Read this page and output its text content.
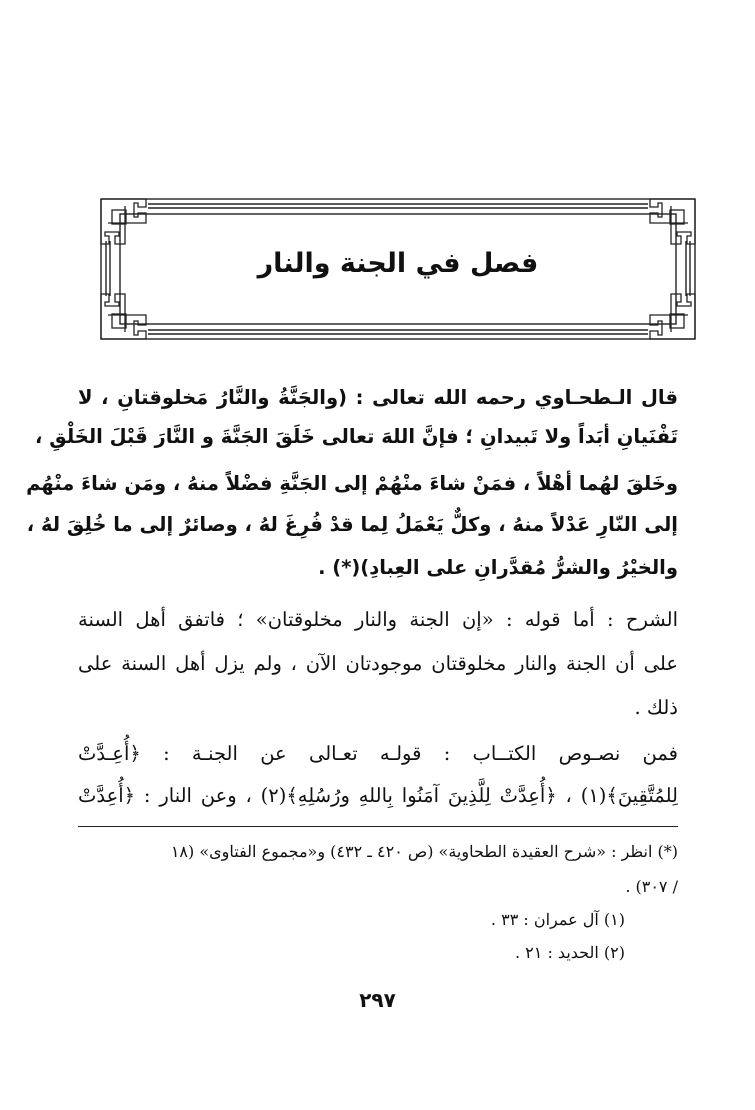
فصل في الجنة والنار
قال الـطحـاوي رحمه الله تعالى : (والجَنَّةُ والنَّارُ مَخلوقتانِ ، لا
تَفْنَيانِ أبَداً ولا تَبيدانِ ؛ فإنَّ اللهَ تعالى خَلَقَ الجَنَّةَ و النَّارَ قَبْلَ الخَلْقِ ،
وخَلقَ لهُما أهْلاً ، فمَنْ شاءَ منْهُمْ إلى الجَنَّةِ فضْلاً منهُ ، ومَن شاءَ منْهُم
إلى النّارِ عَدْلاً منهُ ، وكلٌّ يَعْمَلُ لِما قدْ فُرِغَ لهُ ، وصائرٌ إلى ما خُلِقَ لهُ ،
والخيْرُ والشرُّ مُقدَّرانِ على العِبادِ)(*) .
الشرح : أما قوله : «إن الجنة والنار مخلوقتان» ؛ فاتفق أهل السنة
على أن الجنة والنار مخلوقتان موجودتان الآن ، ولم يزل أهل السنة على
ذلك .
فمن نصـوص الكتــاب : قولـه تعـالى عن الجنـة : ﴿أُعِـدَّتْ
لِلمُتَّقِينَ﴾(١) ، ﴿أُعِدَّتْ لِلَّذِينَ آمَنُوا بِاللهِ ورُسُلِهِ﴾(٢) ، وعن النار : ﴿أُعِدَّتْ
(*) انظر : «شرح العقيدة الطحاوية» (ص ٤٢٠ ـ ٤٣٢) و«مجموع الفتاوى» (١٨
/ ٣٠٧) .
(١) آل عمران : ٣٣ .
(٢) الحديد : ٢١ .
٢٩٧
